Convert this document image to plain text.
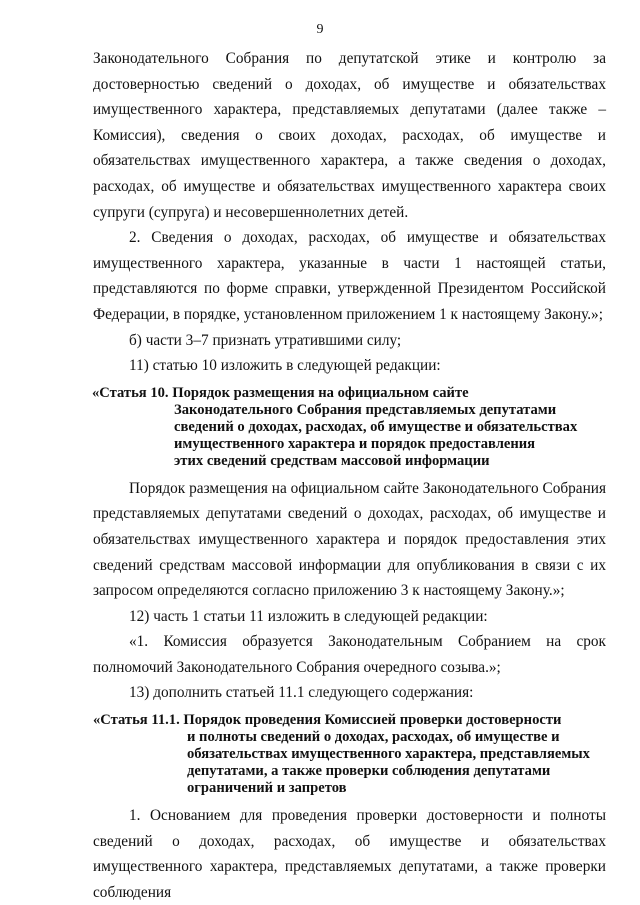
9

Законодательного Собрания по депутатской этике и контролю за достоверностью сведений о доходах, об имуществе и обязательствах имущественного характера, представляемых депутатами (далее также – Комиссия), сведения о своих доходах, расходах, об имуществе и обязательствах имущественного характера, а также сведения о доходах, расходах, об имуществе и обязательствах имущественного характера своих супруги (супруга) и несовершеннолетних детей.

2. Сведения о доходах, расходах, об имуществе и обязательствах имущественного характера, указанные в части 1 настоящей статьи, представляются по форме справки, утвержденной Президентом Российской Федерации, в порядке, установленном приложением 1 к настоящему Закону.»;

б) части 3–7 признать утратившими силу;

11) статью 10 изложить в следующей редакции:

«Статья 10. Порядок размещения на официальном сайте
Законодательного Собрания представляемых депутатами
сведений о доходах, расходах, об имуществе и обязательствах
имущественного характера и порядок предоставления
этих сведений средствам массовой информации

Порядок размещения на официальном сайте Законодательного Собрания представляемых депутатами сведений о доходах, расходах, об имуществе и обязательствах имущественного характера и порядок предоставления этих сведений средствам массовой информации для опубликования в связи с их запросом определяются согласно приложению 3 к настоящему Закону.»;

12) часть 1 статьи 11 изложить в следующей редакции:

«1. Комиссия образуется Законодательным Собранием на срок полномочий Законодательного Собрания очередного созыва.»;

13) дополнить статьей 11.1 следующего содержания:

«Статья 11.1. Порядок проведения Комиссией проверки достоверности
и полноты сведений о доходах, расходах, об имуществе и
обязательствах имущественного характера, представляемых
депутатами, а также проверки соблюдения депутатами
ограничений и запретов

1. Основанием для проведения проверки достоверности и полноты сведений о доходах, расходах, об имуществе и обязательствах имущественного характера, представляемых депутатами, а также проверки соблюдения
